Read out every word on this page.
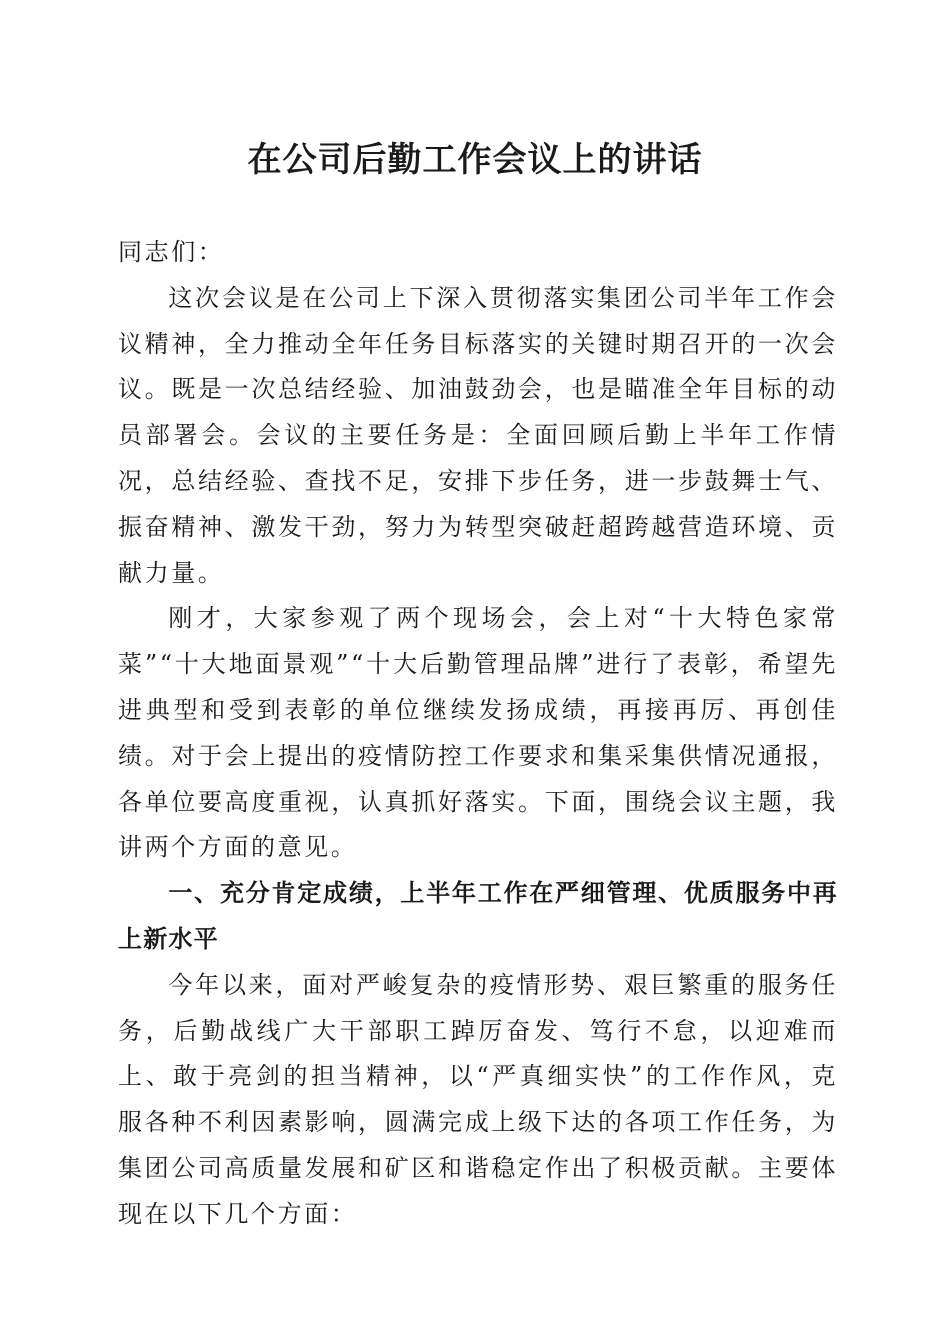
在公司后勤工作会议上的讲话

同志们：

这次会议是在公司上下深入贯彻落实集团公司半年工作会议精神，全力推动全年任务目标落实的关键时期召开的一次会议。既是一次总结经验、加油鼓劲会，也是瞄准全年目标的动员部署会。会议的主要任务是：全面回顾后勤上半年工作情况，总结经验、查找不足，安排下步任务，进一步鼓舞士气、振奋精神、激发干劲，努力为转型突破赶超跨越营造环境、贡献力量。

刚才，大家参观了两个现场会，会上对“十大特色家常菜”“十大地面景观”“十大后勤管理品牌”进行了表彰，希望先进典型和受到表彰的单位继续发扬成绩，再接再厉、再创佳绩。对于会上提出的疫情防控工作要求和集采集供情况通报，各单位要高度重视，认真抓好落实。下面，围绕会议主题，我讲两个方面的意见。

一、充分肯定成绩，上半年工作在严细管理、优质服务中再上新水平

今年以来，面对严峻复杂的疫情形势、艰巨繁重的服务任务，后勤战线广大干部职工踔厉奋发、笃行不怠，以迎难而上、敢于亮剑的担当精神，以“严真细实快”的工作作风，克服各种不利因素影响，圆满完成上级下达的各项工作任务，为集团公司高质量发展和矿区和谐稳定作出了积极贡献。主要体现在以下几个方面：
